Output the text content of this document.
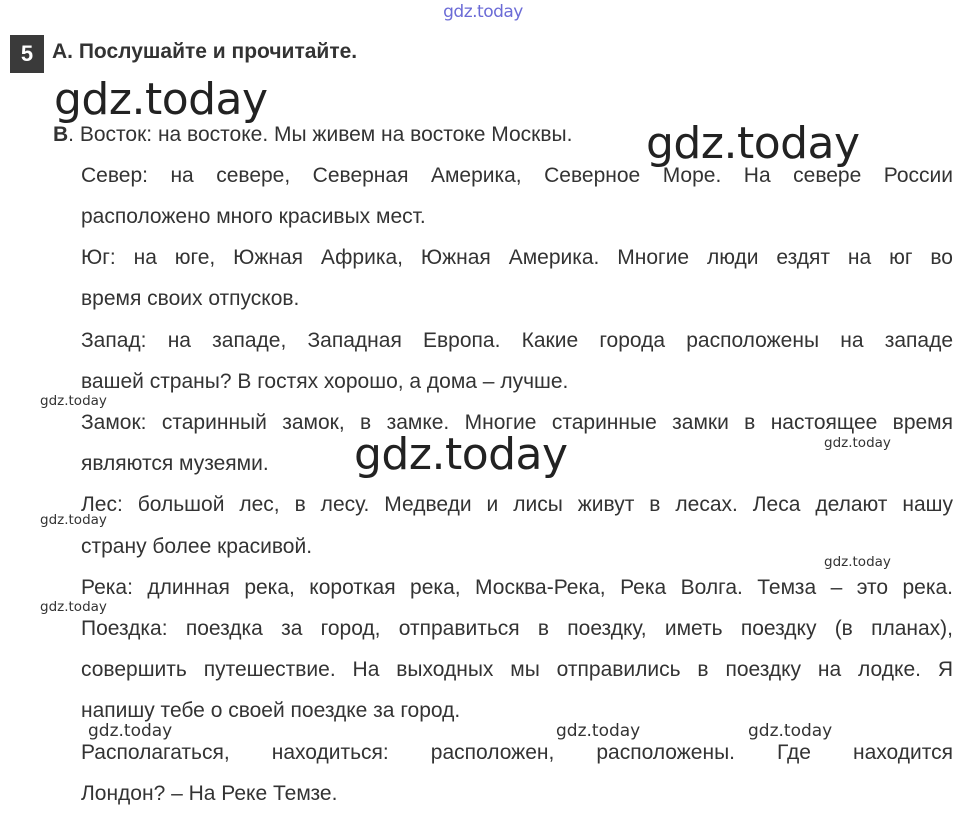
gdz.today
5 А. Послушайте и прочитайте.
gdz.today
gdz.today
gdz.today
gdz.today
gdz.today
gdz.today
gdz.today
gdz.today
gdz.today	gdz.today	gdz.today
В. Восток: на востоке. Мы живем на востоке Москвы.
Север: на севере, Северная Америка, Северное Море. На севере России
расположено много красивых мест.
Юг: на юге, Южная Африка, Южная Америка. Многие люди ездят на юг во
время своих отпусков.
Запад: на западе, Западная Европа. Какие города расположены на западе
вашей страны? В гостях хорошо, а дома – лучше.
Замок: старинный замок, в замке. Многие старинные замки в настоящее время
являются музеями.
Лес: большой лес, в лесу. Медведи и лисы живут в лесах. Леса делают нашу
страну более красивой.
Река: длинная река, короткая река, Москва-Река, Река Волга. Темза – это река.
Поездка: поездка за город, отправиться в поездку, иметь поездку (в планах),
совершить путешествие. На выходных мы отправились в поездку на лодке. Я
напишу тебе о своей поездке за город.
Располагаться, находиться: расположен, расположены. Где находится
Лондон? – На Реке Темзе.
